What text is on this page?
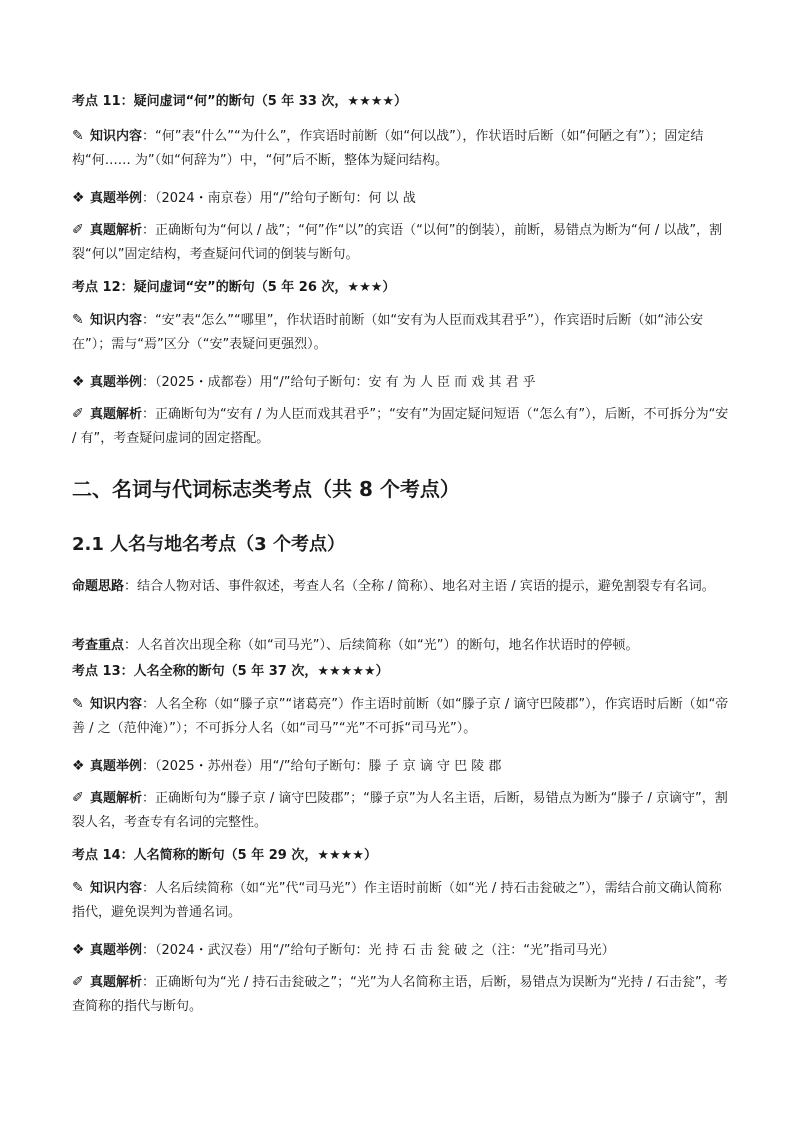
考点 11：疑问虚词“何”的断句（5 年 33 次，★★★★）

✎ 知识内容：“何”表“什么”“为什么”，作宾语时前断（如“何以战”），作状语时后断（如“何陋之有”）；固定结构“何…… 为”（如“何辞为”）中，“何”后不断，整体为疑问结构。

❖ 真题举例：（2024・南京卷）用“/”给句子断句：何 以 战

✐ 真题解析：正确断句为“何以 / 战”；“何”作“以”的宾语（“以何”的倒装），前断，易错点为断为“何 / 以战”，割裂“何以”固定结构，考查疑问代词的倒装与断句。

考点 12：疑问虚词“安”的断句（5 年 26 次，★★★）

✎ 知识内容：“安”表“怎么”“哪里”，作状语时前断（如“安有为人臣而戏其君乎”），作宾语时后断（如“沛公安在”）；需与“焉”区分（“安”表疑问更强烈）。

❖ 真题举例：（2025・成都卷）用“/”给句子断句：安 有 为 人 臣 而 戏 其 君 乎

✐ 真题解析：正确断句为“安有 / 为人臣而戏其君乎”；“安有”为固定疑问短语（“怎么有”），后断，不可拆分为“安 / 有”，考查疑问虚词的固定搭配。

二、名词与代词标志类考点（共 8 个考点）

2.1 人名与地名考点（3 个考点）

命题思路：结合人物对话、事件叙述，考查人名（全称 / 简称）、地名对主语 / 宾语的提示，避免割裂专有名词。

考查重点：人名首次出现全称（如“司马光”）、后续简称（如“光”）的断句，地名作状语时的停顿。

考点 13：人名全称的断句（5 年 37 次，★★★★★）

✎ 知识内容：人名全称（如“滕子京”“诸葛亮”）作主语时前断（如“滕子京 / 谪守巴陵郡”），作宾语时后断（如“帝善 / 之（范仲淹）”）；不可拆分人名（如“司马”“光”不可拆“司马光”）。

❖ 真题举例：（2025・苏州卷）用“/”给句子断句：滕 子 京 谪 守 巴 陵 郡

✐ 真题解析：正确断句为“滕子京 / 谪守巴陵郡”；“滕子京”为人名主语，后断，易错点为断为“滕子 / 京谪守”，割裂人名，考查专有名词的完整性。

考点 14：人名简称的断句（5 年 29 次，★★★★）

✎ 知识内容：人名后续简称（如“光”代“司马光”）作主语时前断（如“光 / 持石击瓮破之”），需结合前文确认简称指代，避免误判为普通名词。

❖ 真题举例：（2024・武汉卷）用“/”给句子断句：光 持 石 击 瓮 破 之（注：“光”指司马光）

✐ 真题解析：正确断句为“光 / 持石击瓮破之”；“光”为人名简称主语，后断，易错点为误断为“光持 / 石击瓮”，考查简称的指代与断句。
